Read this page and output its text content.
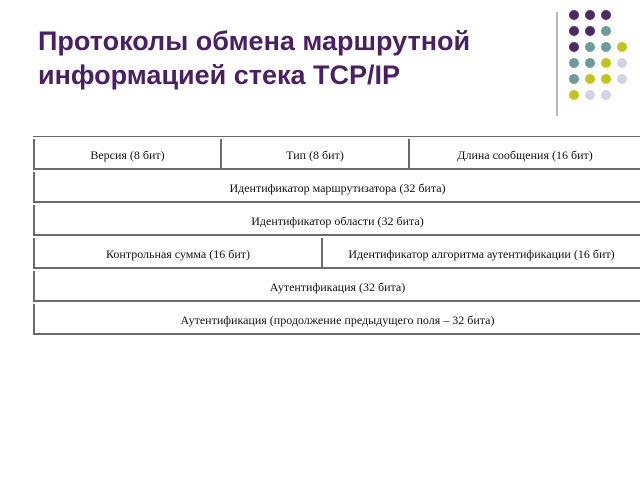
Протоколы обмена маршрутной
информацией стека TCP/IP
Версия (8 бит)	Тип (8 бит)	Длина сообщения (16 бит)
Идентификатор маршрутизатора (32 бита)
Идентификатор области (32 бита)
Контрольная сумма (16 бит)	Идентификатор алгоритма аутентификации (16 бит)
Аутентификация (32 бита)
Аутентификация (продолжение предыдущего поля – 32 бита)
